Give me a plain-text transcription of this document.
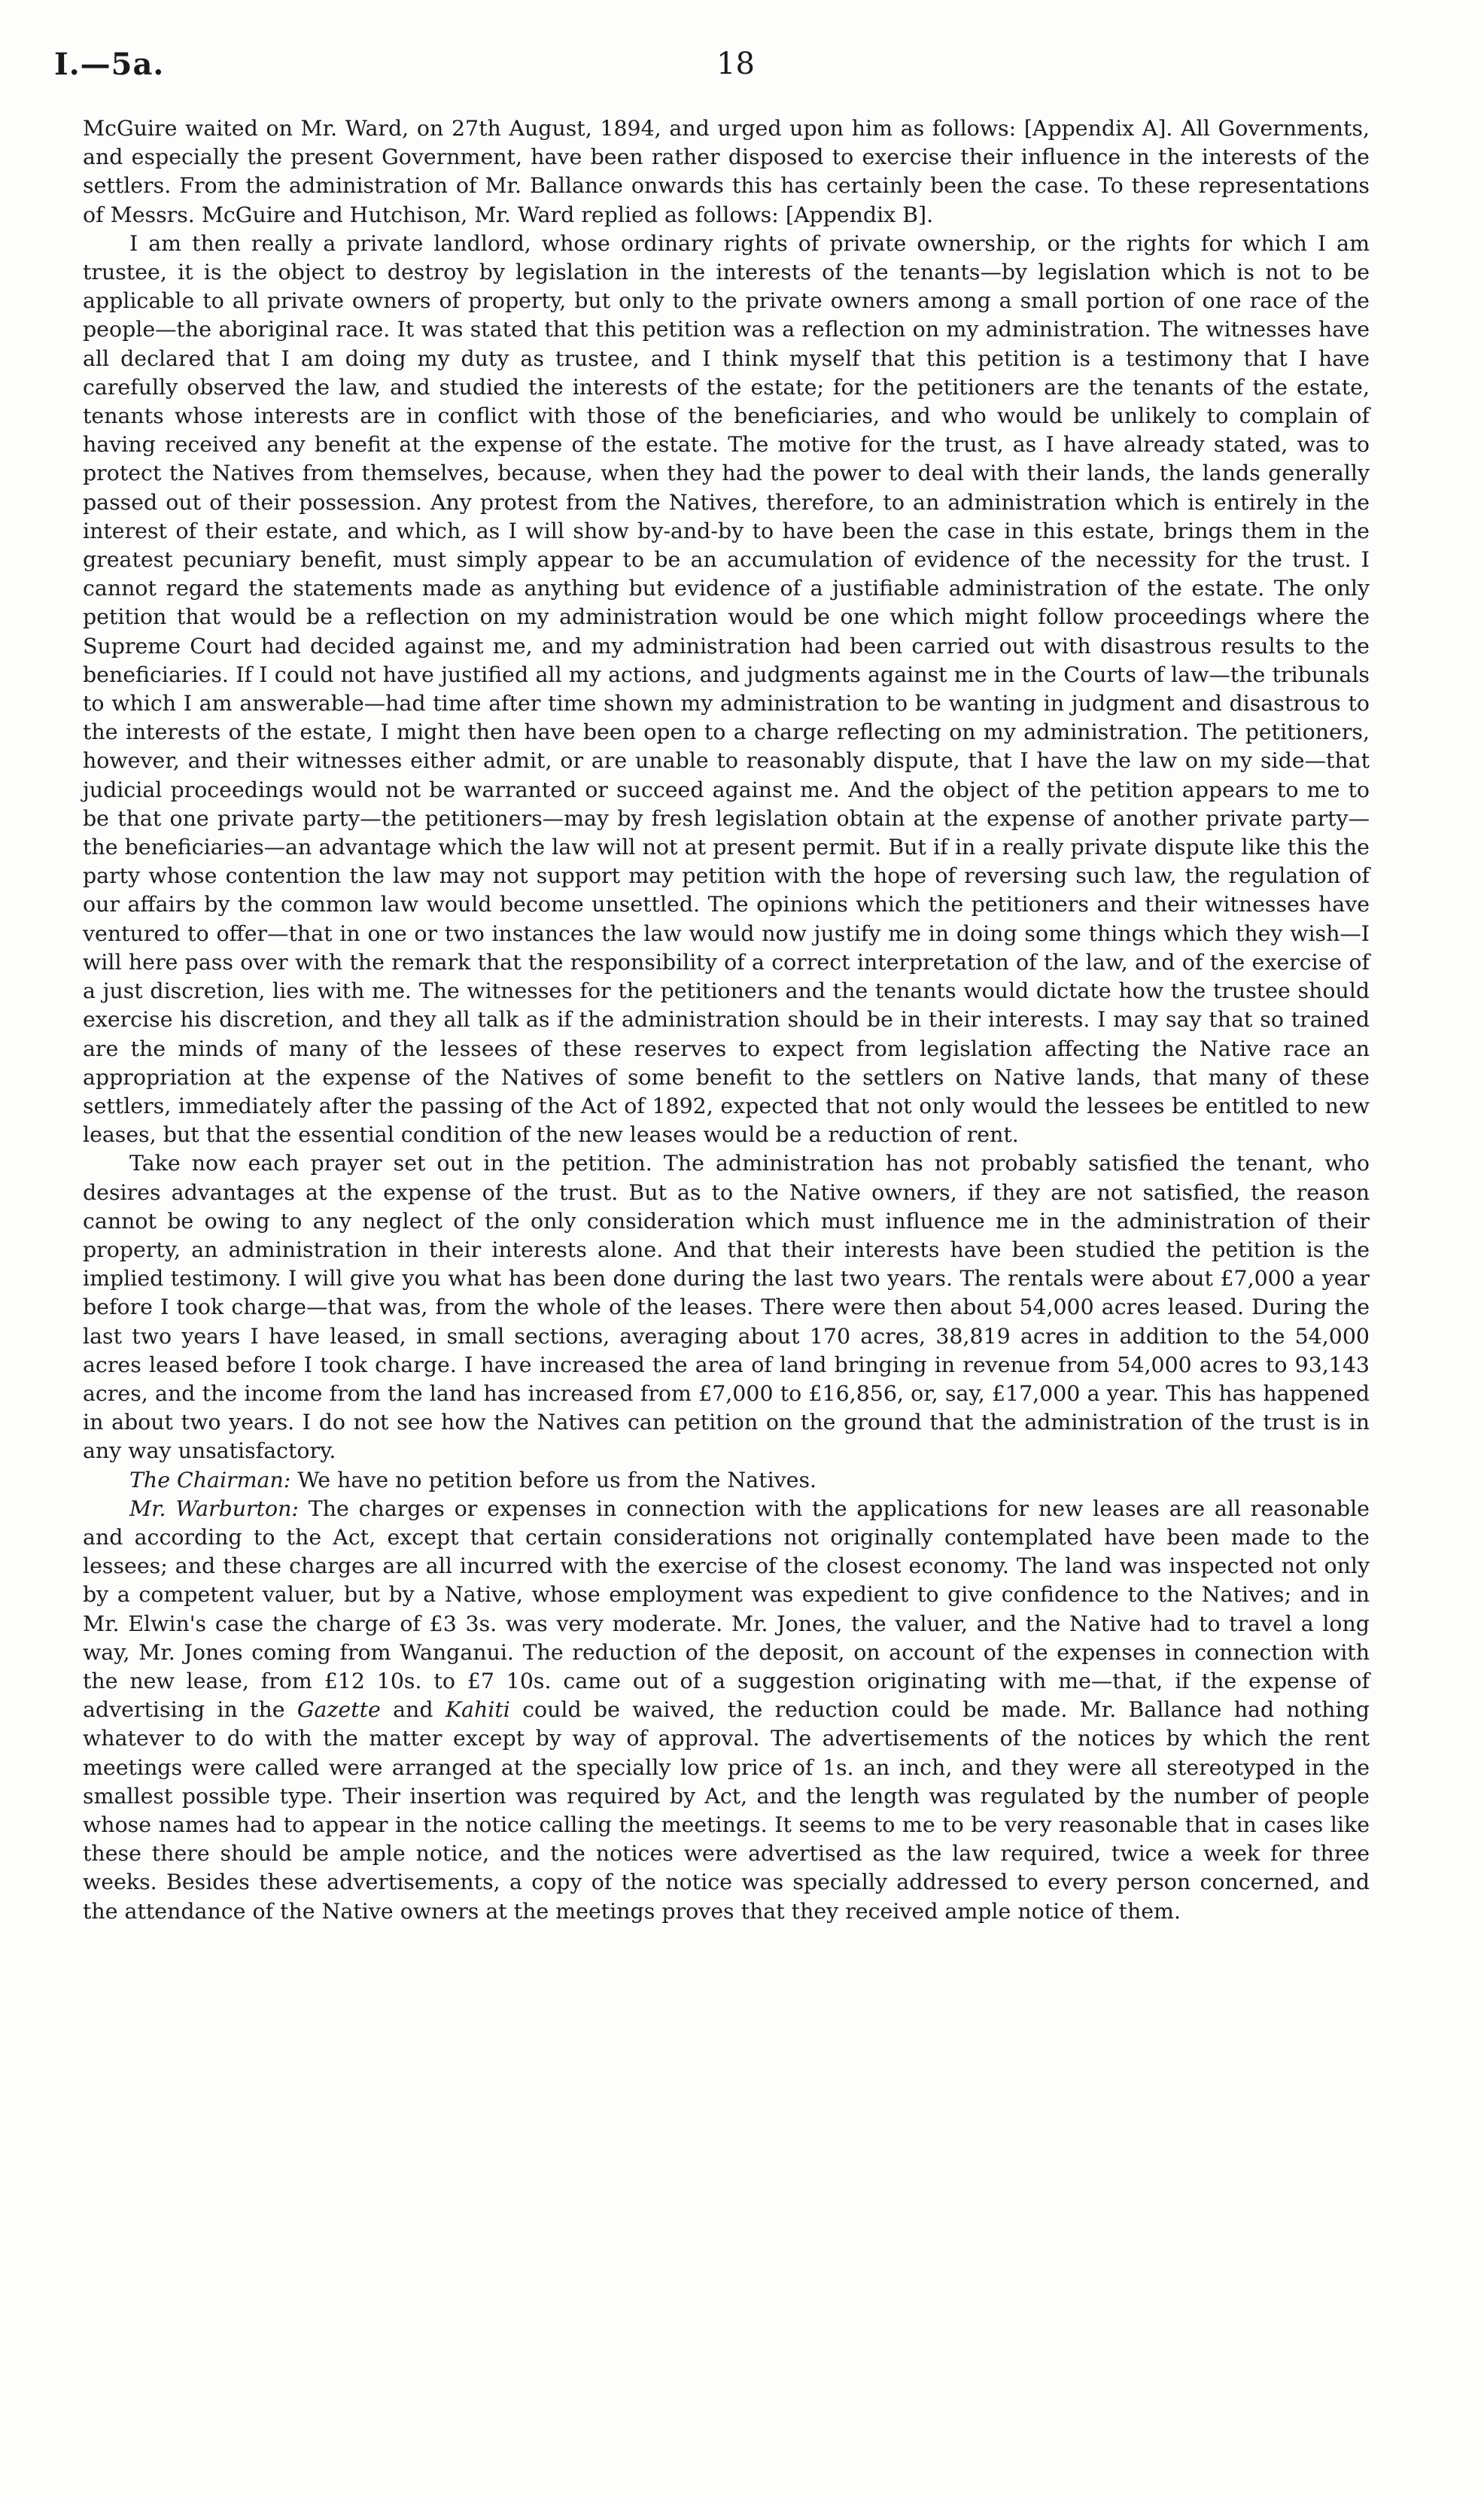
I.—5a.	18

McGuire waited on Mr. Ward, on 27th August, 1894, and urged upon him as follows: [Appendix A]. All Governments, and especially the present Government, have been rather disposed to exercise their influence in the interests of the settlers. From the administration of Mr. Ballance onwards this has certainly been the case. To these representations of Messrs. McGuire and Hutchison, Mr. Ward replied as follows: [Appendix B].

I am then really a private landlord, whose ordinary rights of private ownership, or the rights for which I am trustee, it is the object to destroy by legislation in the interests of the tenants—by legislation which is not to be applicable to all private owners of property, but only to the private owners among a small portion of one race of the people—the aboriginal race. It was stated that this petition was a reflection on my administration. The witnesses have all declared that I am doing my duty as trustee, and I think myself that this petition is a testimony that I have carefully observed the law, and studied the interests of the estate; for the petitioners are the tenants of the estate, tenants whose interests are in conflict with those of the beneficiaries, and who would be unlikely to complain of having received any benefit at the expense of the estate. The motive for the trust, as I have already stated, was to protect the Natives from themselves, because, when they had the power to deal with their lands, the lands generally passed out of their possession. Any protest from the Natives, therefore, to an administration which is entirely in the interest of their estate, and which, as I will show by-and-by to have been the case in this estate, brings them in the greatest pecuniary benefit, must simply appear to be an accumulation of evidence of the necessity for the trust. I cannot regard the statements made as anything but evidence of a justifiable administration of the estate. The only petition that would be a reflection on my administration would be one which might follow proceedings where the Supreme Court had decided against me, and my administration had been carried out with disastrous results to the beneficiaries. If I could not have justified all my actions, and judgments against me in the Courts of law—the tribunals to which I am answerable—had time after time shown my administration to be wanting in judgment and disastrous to the interests of the estate, I might then have been open to a charge reflecting on my administration. The petitioners, however, and their witnesses either admit, or are unable to reasonably dispute, that I have the law on my side—that judicial proceedings would not be warranted or succeed against me. And the object of the petition appears to me to be that one private party—the petitioners—may by fresh legislation obtain at the expense of another private party—the beneficiaries—an advantage which the law will not at present permit. But if in a really private dispute like this the party whose contention the law may not support may petition with the hope of reversing such law, the regulation of our affairs by the common law would become unsettled. The opinions which the petitioners and their witnesses have ventured to offer—that in one or two instances the law would now justify me in doing some things which they wish—I will here pass over with the remark that the responsibility of a correct interpretation of the law, and of the exercise of a just discretion, lies with me. The witnesses for the petitioners and the tenants would dictate how the trustee should exercise his discretion, and they all talk as if the administration should be in their interests. I may say that so trained are the minds of many of the lessees of these reserves to expect from legislation affecting the Native race an appropriation at the expense of the Natives of some benefit to the settlers on Native lands, that many of these settlers, immediately after the passing of the Act of 1892, expected that not only would the lessees be entitled to new leases, but that the essential condition of the new leases would be a reduction of rent.

Take now each prayer set out in the petition. The administration has not probably satisfied the tenant, who desires advantages at the expense of the trust. But as to the Native owners, if they are not satisfied, the reason cannot be owing to any neglect of the only consideration which must influence me in the administration of their property, an administration in their interests alone. And that their interests have been studied the petition is the implied testimony. I will give you what has been done during the last two years. The rentals were about £7,000 a year before I took charge—that was, from the whole of the leases. There were then about 54,000 acres leased. During the last two years I have leased, in small sections, averaging about 170 acres, 38,819 acres in addition to the 54,000 acres leased before I took charge. I have increased the area of land bringing in revenue from 54,000 acres to 93,143 acres, and the income from the land has increased from £7,000 to £16,856, or, say, £17,000 a year. This has happened in about two years. I do not see how the Natives can petition on the ground that the administration of the trust is in any way unsatisfactory.

The Chairman: We have no petition before us from the Natives.

Mr. Warburton: The charges or expenses in connection with the applications for new leases are all reasonable and according to the Act, except that certain considerations not originally contemplated have been made to the lessees; and these charges are all incurred with the exercise of the closest economy. The land was inspected not only by a competent valuer, but by a Native, whose employment was expedient to give confidence to the Natives; and in Mr. Elwin's case the charge of £3 3s. was very moderate. Mr. Jones, the valuer, and the Native had to travel a long way, Mr. Jones coming from Wanganui. The reduction of the deposit, on account of the expenses in connection with the new lease, from £12 10s. to £7 10s. came out of a suggestion originating with me—that, if the expense of advertising in the Gazette and Kahiti could be waived, the reduction could be made. Mr. Ballance had nothing whatever to do with the matter except by way of approval. The advertisements of the notices by which the rent meetings were called were arranged at the specially low price of 1s. an inch, and they were all stereotyped in the smallest possible type. Their insertion was required by Act, and the length was regulated by the number of people whose names had to appear in the notice calling the meetings. It seems to me to be very reasonable that in cases like these there should be ample notice, and the notices were advertised as the law required, twice a week for three weeks. Besides these advertisements, a copy of the notice was specially addressed to every person concerned, and the attendance of the Native owners at the meetings proves that they received ample notice of them.
